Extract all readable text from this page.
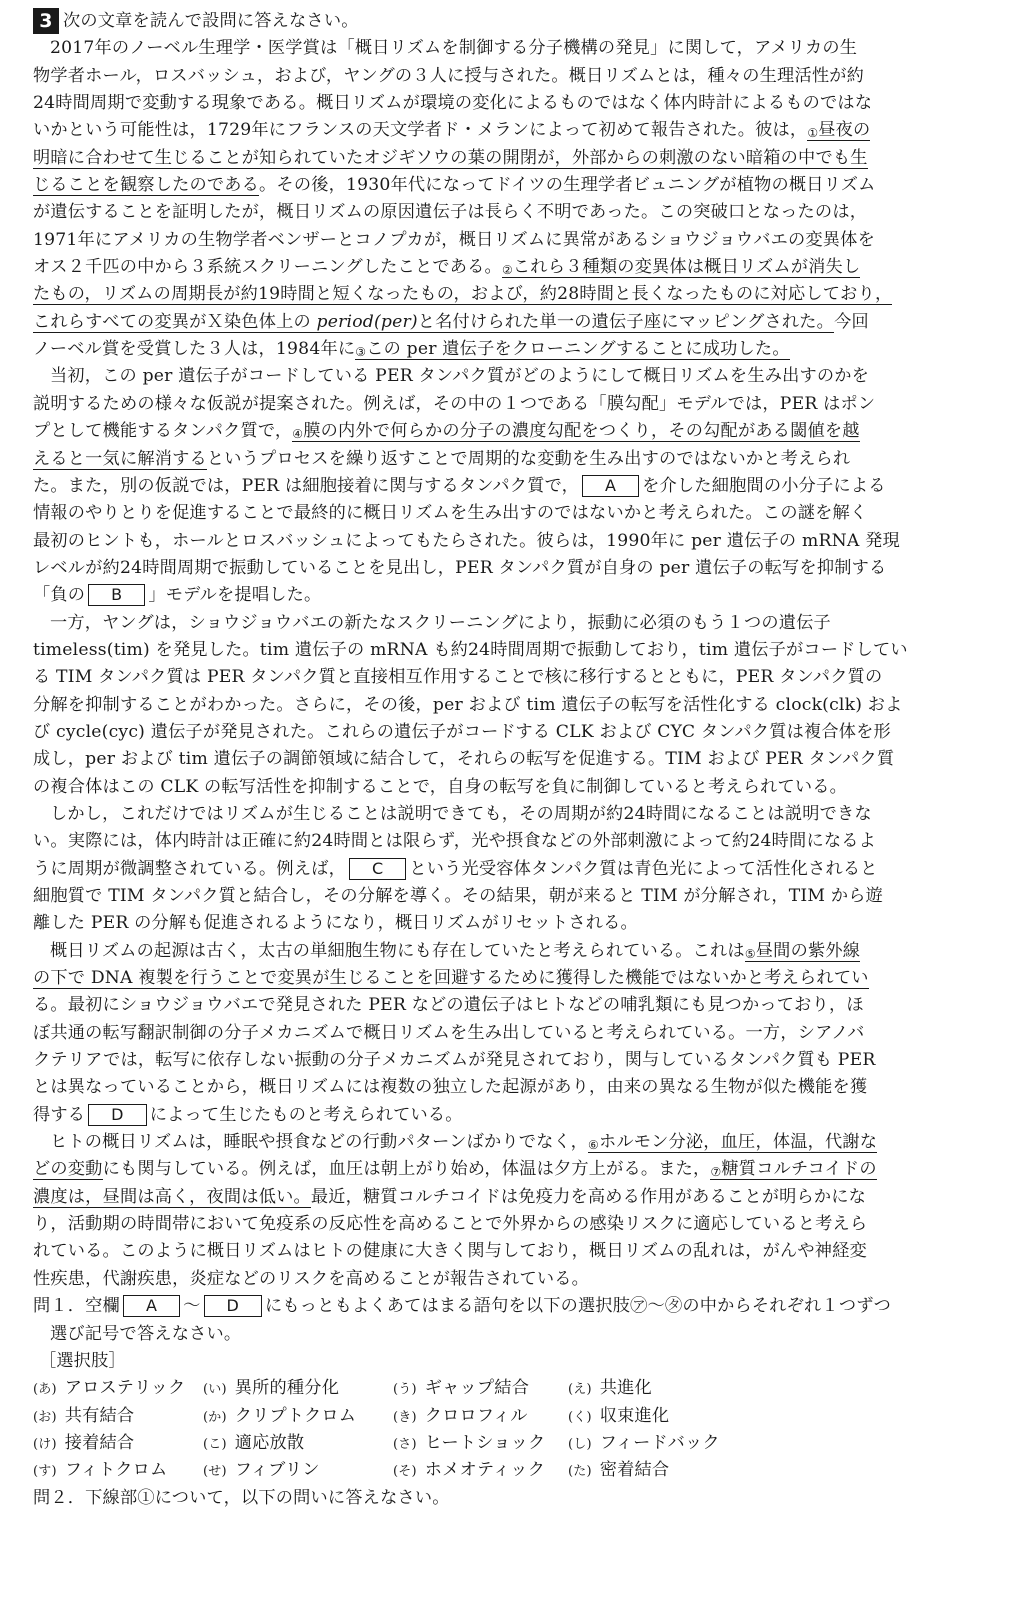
3 次の文章を読んで設問に答えなさい。
2017年のノーベル生理学・医学賞は「概日リズムを制御する分子機構の発見」に関して，アメリカの生
物学者ホール，ロスバッシュ，および，ヤングの３人に授与された。概日リズムとは，種々の生理活性が約
24時間周期で変動する現象である。概日リズムが環境の変化によるものではなく体内時計によるものではな
いかという可能性は，1729年にフランスの天文学者ド・メランによって初めて報告された。彼は，①昼夜の
明暗に合わせて生じることが知られていたオジギソウの葉の開閉が，外部からの刺激のない暗箱の中でも生
じることを観察したのである。その後，1930年代になってドイツの生理学者ビュニングが植物の概日リズム
が遺伝することを証明したが，概日リズムの原因遺伝子は長らく不明であった。この突破口となったのは，
1971年にアメリカの生物学者ベンザーとコノプカが，概日リズムに異常があるショウジョウバエの変異体を
オス２千匹の中から３系統スクリーニングしたことである。②これら３種類の変異体は概日リズムが消失し
たもの，リズムの周期長が約19時間と短くなったもの，および，約28時間と長くなったものに対応しており，
これらすべての変異がＸ染色体上の period(per)と名付けられた単一の遺伝子座にマッピングされた。今回
ノーベル賞を受賞した３人は，1984年に③この per 遺伝子をクローニングすることに成功した。
当初，この per 遺伝子がコードしている PER タンパク質がどのようにして概日リズムを生み出すのかを
説明するための様々な仮説が提案された。例えば，その中の１つである「膜勾配」モデルでは，PER はポン
プとして機能するタンパク質で，④膜の内外で何らかの分子の濃度勾配をつくり，その勾配がある閾値を越
えると一気に解消するというプロセスを繰り返すことで周期的な変動を生み出すのではないかと考えられ
た。また，別の仮説では，PER は細胞接着に関与するタンパク質で， A を介した細胞間の小分子による
情報のやりとりを促進することで最終的に概日リズムを生み出すのではないかと考えられた。この謎を解く
最初のヒントも，ホールとロスバッシュによってもたらされた。彼らは，1990年に per 遺伝子の mRNA 発現
レベルが約24時間周期で振動していることを見出し，PER タンパク質が自身の per 遺伝子の転写を抑制する
「負の B 」モデルを提唱した。
一方，ヤングは，ショウジョウバエの新たなスクリーニングにより，振動に必須のもう１つの遺伝子
timeless(tim) を発見した。tim 遺伝子の mRNA も約24時間周期で振動しており，tim 遺伝子がコードしてい
る TIM タンパク質は PER タンパク質と直接相互作用することで核に移行するとともに，PER タンパク質の
分解を抑制することがわかった。さらに，その後，per および tim 遺伝子の転写を活性化する clock(clk) およ
び cycle(cyc) 遺伝子が発見された。これらの遺伝子がコードする CLK および CYC タンパク質は複合体を形
成し，per および tim 遺伝子の調節領域に結合して，それらの転写を促進する。TIM および PER タンパク質
の複合体はこの CLK の転写活性を抑制することで，自身の転写を負に制御していると考えられている。
しかし，これだけではリズムが生じることは説明できても，その周期が約24時間になることは説明できな
い。実際には，体内時計は正確に約24時間とは限らず，光や摂食などの外部刺激によって約24時間になるよ
うに周期が微調整されている。例えば， C という光受容体タンパク質は青色光によって活性化されると
細胞質で TIM タンパク質と結合し，その分解を導く。その結果，朝が来ると TIM が分解され，TIM から遊
離した PER の分解も促進されるようになり，概日リズムがリセットされる。
概日リズムの起源は古く，太古の単細胞生物にも存在していたと考えられている。これは⑤昼間の紫外線
の下で DNA 複製を行うことで変異が生じることを回避するために獲得した機能ではないかと考えられてい
る。最初にショウジョウバエで発見された PER などの遺伝子はヒトなどの哺乳類にも見つかっており，ほ
ぼ共通の転写翻訳制御の分子メカニズムで概日リズムを生み出していると考えられている。一方，シアノバ
クテリアでは，転写に依存しない振動の分子メカニズムが発見されており，関与しているタンパク質も PER
とは異なっていることから，概日リズムには複数の独立した起源があり，由来の異なる生物が似た機能を獲
得する D によって生じたものと考えられている。
ヒトの概日リズムは，睡眠や摂食などの行動パターンばかりでなく，⑥ホルモン分泌，血圧，体温，代謝な
どの変動にも関与している。例えば，血圧は朝上がり始め，体温は夕方上がる。また，⑦糖質コルチコイドの
濃度は，昼間は高く，夜間は低い。最近，糖質コルチコイドは免疫力を高める作用があることが明らかにな
り，活動期の時間帯において免疫系の反応性を高めることで外界からの感染リスクに適応していると考えら
れている。このように概日リズムはヒトの健康に大きく関与しており，概日リズムの乱れは，がんや神経変
性疾患，代謝疾患，炎症などのリスクを高めることが報告されている。
問１．空欄 A 〜 D にもっともよくあてはまる語句を以下の選択肢㋐〜㋟の中からそれぞれ１つずつ
選び記号で答えなさい。
［選択肢］
(あ) アロステリック (い) 異所的種分化	(う) ギャップ結合	(え) 共進化
(お) 共有結合	(か) クリプトクロム	(き) クロロフィル	(く) 収束進化
(け) 接着結合	(こ) 適応放散	(さ) ヒートショック (し) フィードバック
(す) フィトクロム	(せ) フィブリン	(そ) ホメオティック (た) 密着結合
問２．下線部①について，以下の問いに答えなさい。
